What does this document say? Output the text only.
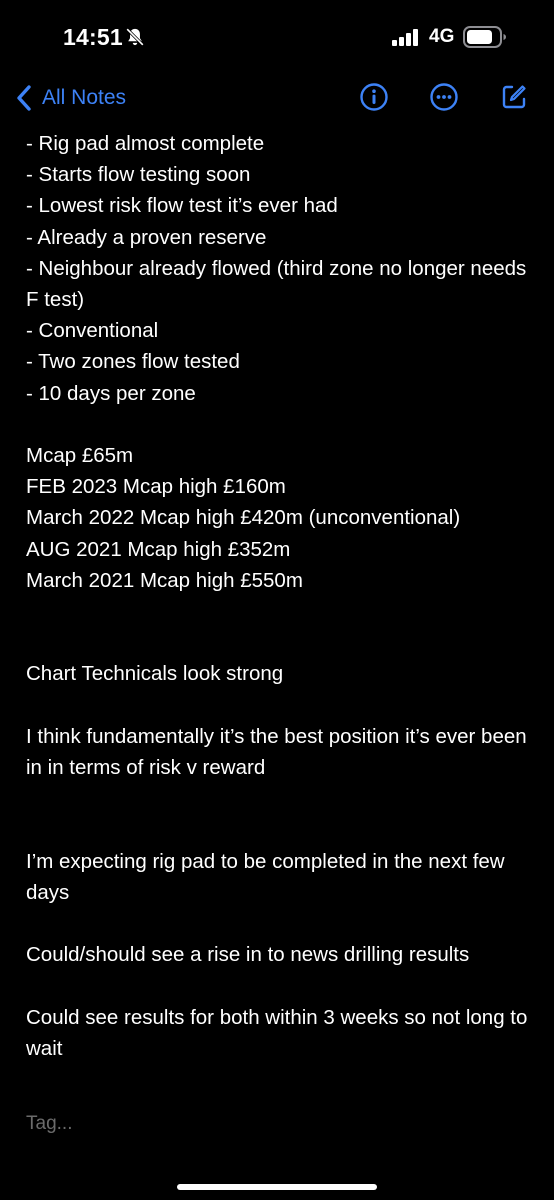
14:51	4G
All Notes
- Rig pad almost complete
- Starts flow testing soon
- Lowest risk flow test it’s ever had
- Already a proven reserve
- Neighbour already flowed (third zone no longer needs F test)
- Conventional
- Two zones flow tested
- 10 days per zone
Mcap £65m
FEB 2023 Mcap high £160m
March 2022 Mcap high £420m (unconventional)
AUG 2021 Mcap high £352m
March 2021 Mcap high £550m
Chart Technicals look strong
I think fundamentally it’s the best position it’s ever been in in terms of risk v reward
I’m expecting rig pad to be completed in the next few days
Could/should see a rise in to news drilling results
Could see results for both within 3 weeks so not long to wait
Tag...
